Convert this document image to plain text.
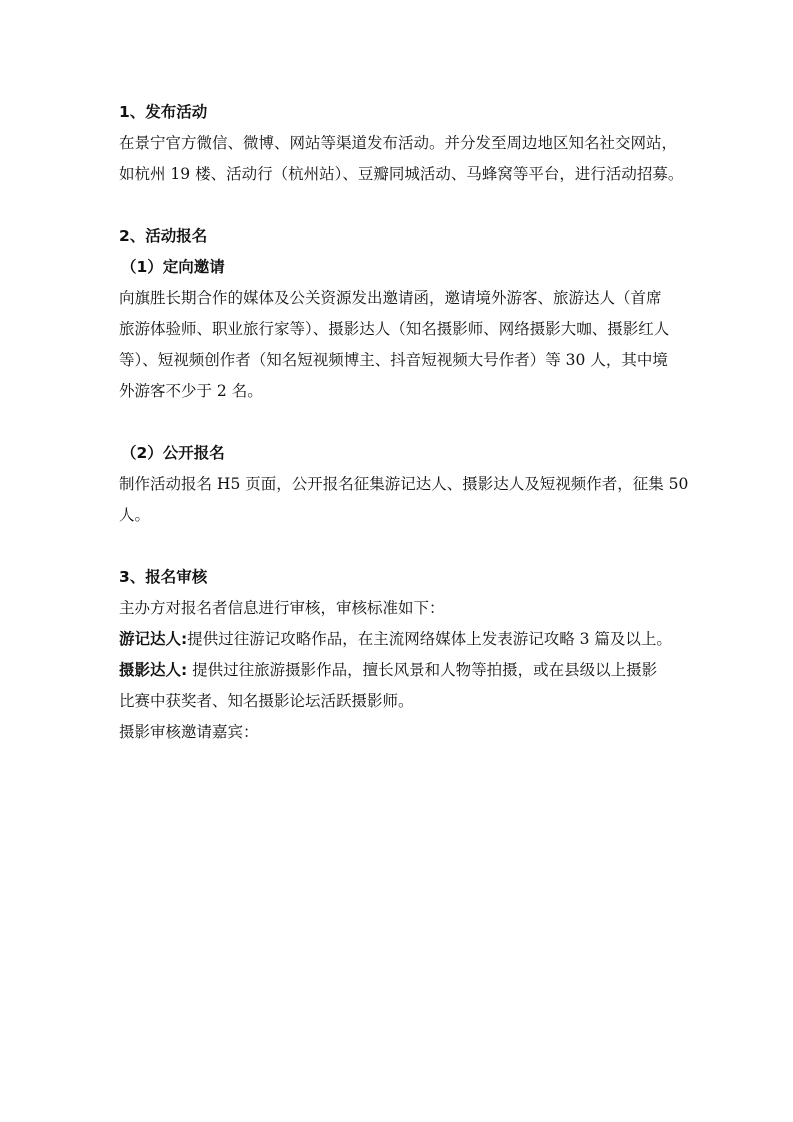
1、发布活动
在景宁官方微信、微博、网站等渠道发布活动。并分发至周边地区知名社交网站，
如杭州 19 楼、活动行（杭州站）、豆瓣同城活动、马蜂窝等平台，进行活动招募。
2、活动报名
（1）定向邀请
向旗胜长期合作的媒体及公关资源发出邀请函，邀请境外游客、旅游达人（首席
旅游体验师、职业旅行家等）、摄影达人（知名摄影师、网络摄影大咖、摄影红人
等）、短视频创作者（知名短视频博主、抖音短视频大号作者）等 30 人，其中境
外游客不少于 2 名。
（2）公开报名
制作活动报名 H5 页面，公开报名征集游记达人、摄影达人及短视频作者，征集 50
人。
3、报名审核
主办方对报名者信息进行审核，审核标准如下：
游记达人:提供过往游记攻略作品，在主流网络媒体上发表游记攻略 3 篇及以上。
摄影达人: 提供过往旅游摄影作品，擅长风景和人物等拍摄，或在县级以上摄影
比赛中获奖者、知名摄影论坛活跃摄影师。
摄影审核邀请嘉宾：
